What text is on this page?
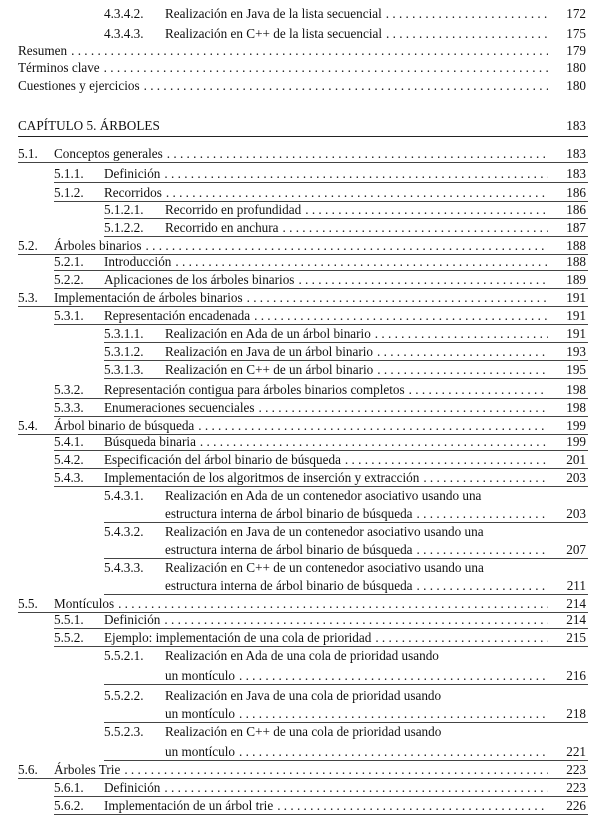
4.3.4.2. Realización en Java de la lista secuencial . . .	172
4.3.4.3. Realización en C++ de la lista secuencial . . .	175
Resumen . . .	179
Términos clave . . .	180
Cuestiones y ejercicios . . .	180
CAPÍTULO 5. ÁRBOLES	183
5.1. Conceptos generales . . .	183
5.1.1. Definición . . .	183
5.1.2. Recorridos . . .	186
5.1.2.1. Recorrido en profundidad . . .	186
5.1.2.2. Recorrido en anchura . . .	187
5.2. Árboles binarios . . .	188
5.2.1. Introducción . . .	188
5.2.2. Aplicaciones de los árboles binarios . . .	189
5.3. Implementación de árboles binarios . . .	191
5.3.1. Representación encadenada . . .	191
5.3.1.1. Realización en Ada de un árbol binario . . .	191
5.3.1.2. Realización en Java de un árbol binario . . .	193
5.3.1.3. Realización en C++ de un árbol binario . . .	195
5.3.2. Representación contigua para árboles binarios completos . . .	198
5.3.3. Enumeraciones secuenciales . . .	198
5.4. Árbol binario de búsqueda . . .	199
5.4.1. Búsqueda binaria . . .	199
5.4.2. Especificación del árbol binario de búsqueda . . .	201
5.4.3. Implementación de los algoritmos de inserción y extracción . . .	203
5.4.3.1. Realización en Ada de un contenedor asociativo usando una
estructura interna de árbol binario de búsqueda . . .	203
5.4.3.2. Realización en Java de un contenedor asociativo usando una
estructura interna de árbol binario de búsqueda . . .	207
5.4.3.3. Realización en C++ de un contenedor asociativo usando una
estructura interna de árbol binario de búsqueda . . .	211
5.5. Montículos . . .	214
5.5.1. Definición . . .	214
5.5.2. Ejemplo: implementación de una cola de prioridad . . .	215
5.5.2.1. Realización en Ada de una cola de prioridad usando
un montículo . . .	216
5.5.2.2. Realización en Java de una cola de prioridad usando
un montículo . . .	218
5.5.2.3. Realización en C++ de una cola de prioridad usando
un montículo . . .	221
5.6. Árboles Trie . . .	223
5.6.1. Definición . . .	223
5.6.2. Implementación de un árbol trie . . .	226
